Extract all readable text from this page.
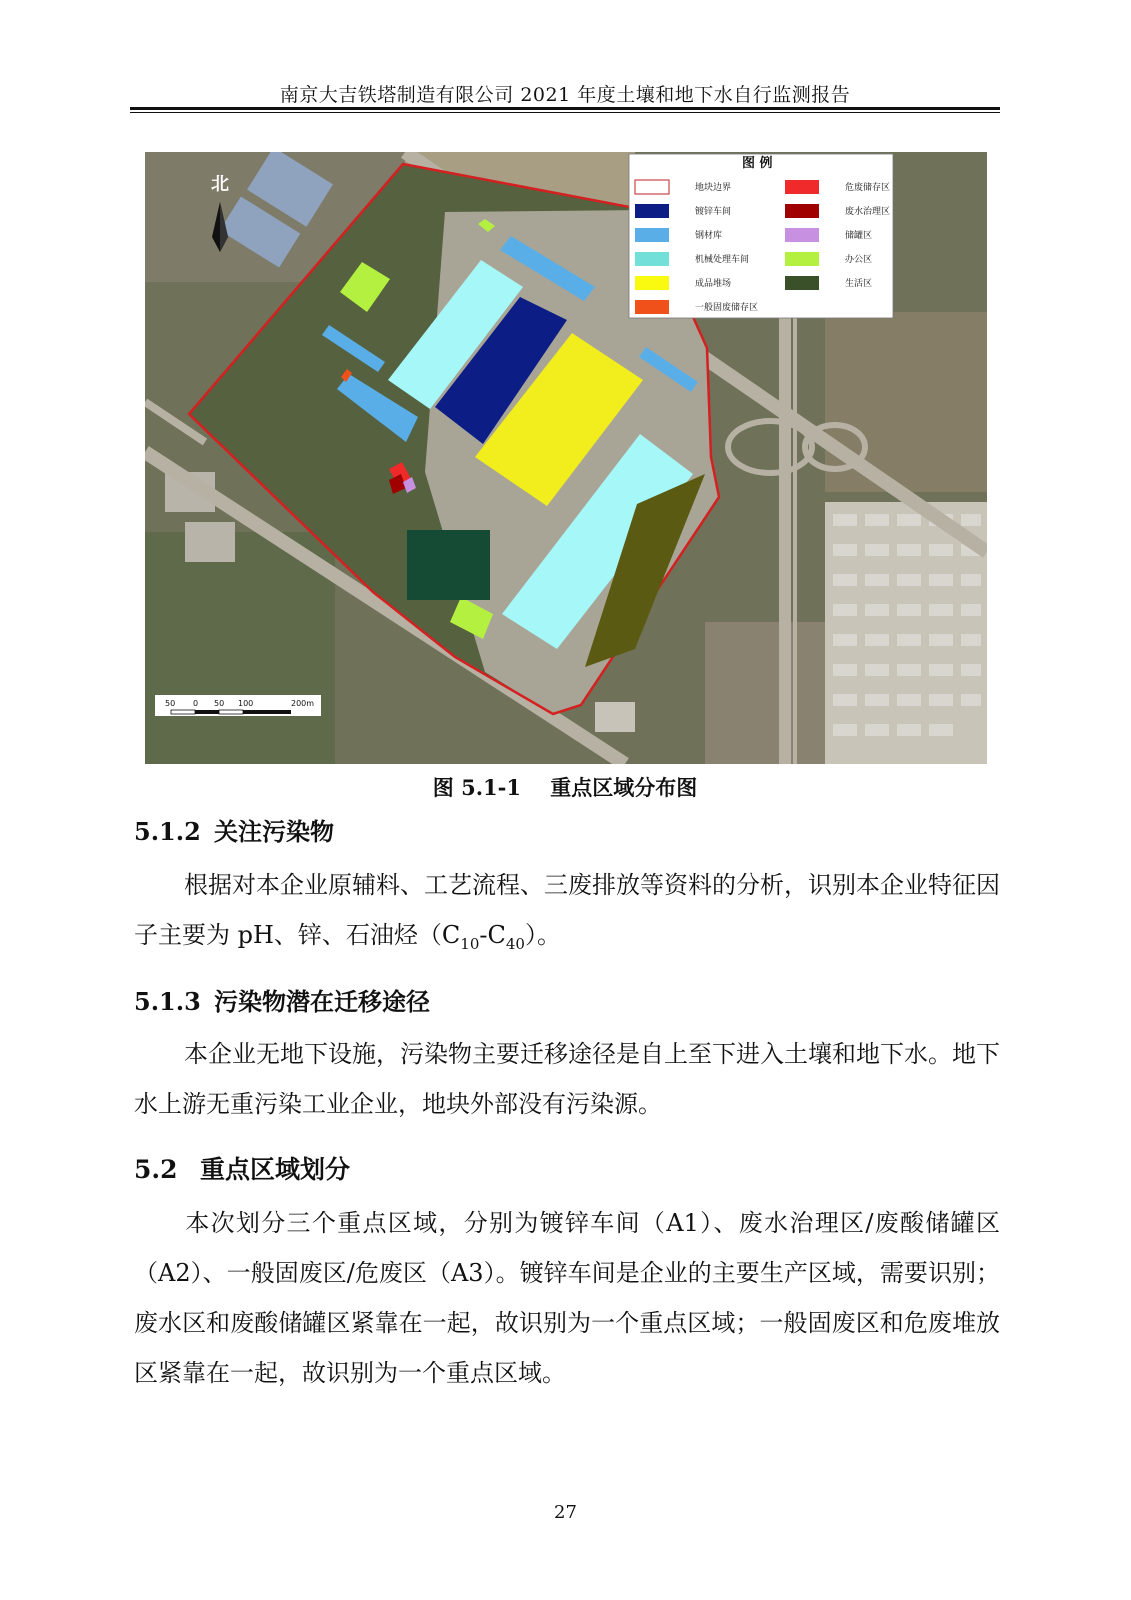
南京大吉铁塔制造有限公司 2021 年度土壤和地下水自行监测报告
北
图 例
地块边界
镀锌车间
钢材库
机械处理车间
成品堆场
一般固废储存区
危废储存区
废水治理区
储罐区
办公区
生活区
50 0 50 100	200m
图 5.1-1 重点区域分布图
5.1.2 关注污染物
根据对本企业原辅料、工艺流程、三废排放等资料的分析，识别本企业特征因子主要为 pH、锌、石油烃$(C_{10}-C_{40})$。
5.1.3 污染物潜在迁移途径
本企业无地下设施，污染物主要迁移途径是自上至下进入土壤和地下水。地下水上游无重污染工业企业，地块外部没有污染源。
5.2 重点区域划分
本次划分三个重点区域，分别为镀锌车间（A1）、废水治理区/废酸储罐区（A2）、一般固废区/危废区（A3）。镀锌车间是企业的主要生产区域，需要识别；废水区和废酸储罐区紧靠在一起，故识别为一个重点区域；一般固废区和危废堆放区紧靠在一起，故识别为一个重点区域。
27
